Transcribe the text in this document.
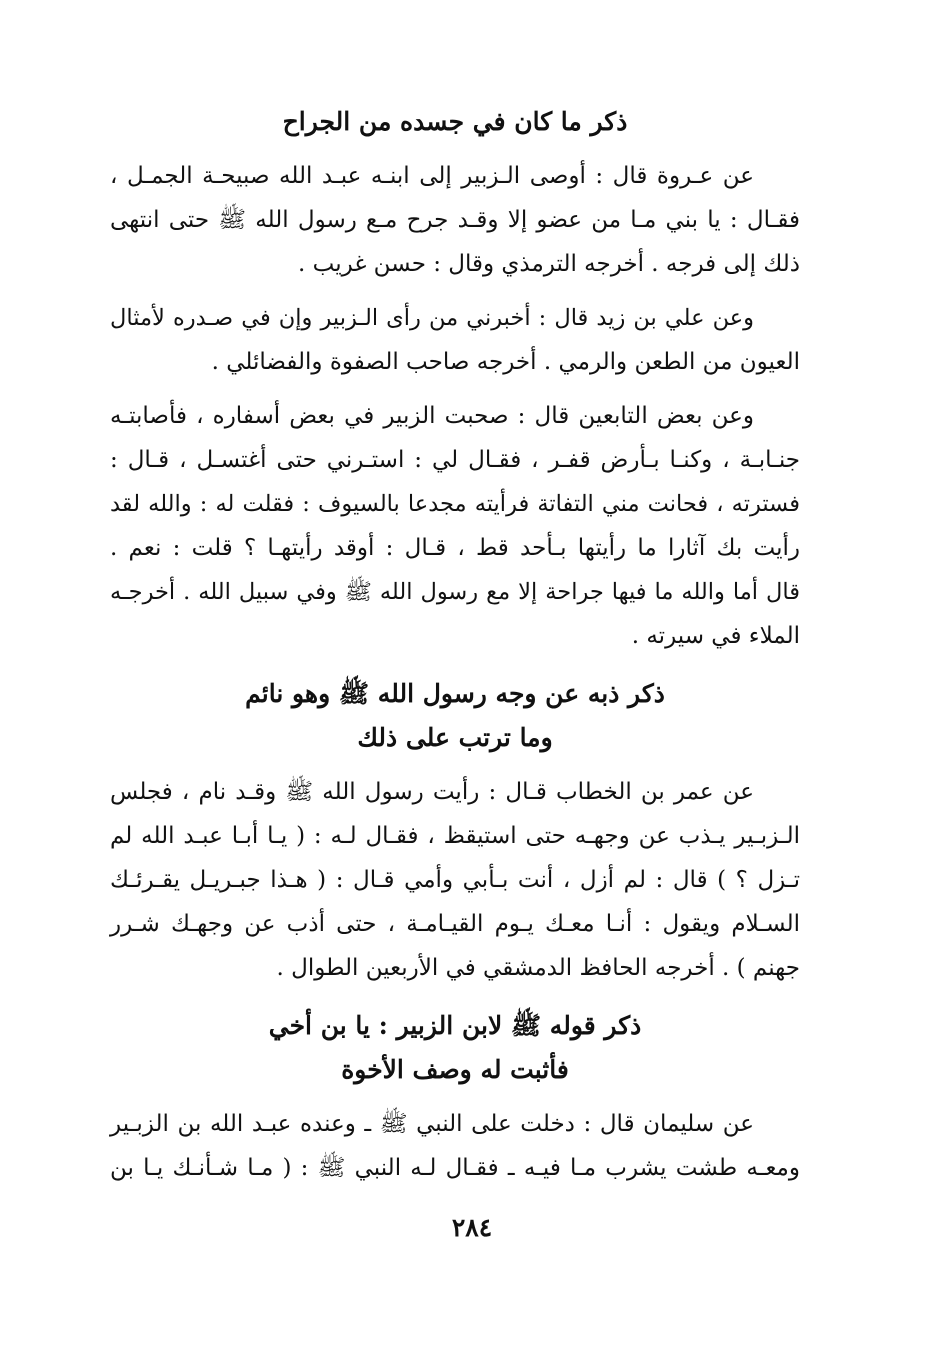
ذكر ما كان في جسده من الجراح

عن عـروة قال : أوصى الـزبير إلى ابنـه عبـد الله صبيحـة الجمـل ،
فقـال : يا بني مـا من عضو إلا وقـد جرح مـع رسول الله ﷺ حتى انتهى
ذلك إلى فرجه . أخرجه الترمذي وقال : حسن غريب .

وعن علي بن زيد قال : أخبرني من رأى الـزبير وإن في صـدره لأمثال
العيون من الطعن والرمي . أخرجه صاحب الصفوة والفضائلي .

وعن بعض التابعين قال : صحبت الزبير في بعض أسفاره ، فأصابتـه
جنـابـة ، وكنـا بـأرض قفـر ، فقـال لي : استـرني حتى أغتسـل ، قـال :
فسترته ، فحانت مني التفاتة فرأيته مجدعا بالسيوف : فقلت له : والله لقد
رأيت بك آثارا ما رأيتها بـأحد قط ، قـال : أوقد رأيتهـا ؟ قلت : نعم .
قال أما والله ما فيها جراحة إلا مع رسول الله ﷺ وفي سبيل الله . أخرجـه
الملاء في سيرته .

ذكر ذبه عن وجه رسول الله ﷺ وهو نائم
وما ترتب على ذلك

عن عمر بن الخطاب قـال : رأيت رسول الله ﷺ وقـد نام ، فجلس
الـزبـير يـذب عن وجهـه حتى استيقظ ، فقـال لـه : ( يـا أبـا عبـد الله لم
تـزل ؟ ) قال : لم أزل ، أنت بـأبي وأمي قـال : ( هـذا جبـريـل يقـرئـك
السـلام ويقول : أنـا معـك يـوم القيـامـة ، حتى أذب عن وجهـك شـرر
جهنم ) . أخرجه الحافظ الدمشقي في الأربعين الطوال .

ذكر قوله ﷺ لابن الزبير : يا بن أخي
فأثبت له وصف الأخوة

عن سليمان قال : دخلت على النبي ﷺ ـ وعنده عبـد الله بن الزبـير
ومعـه طشت يشرب مـا فيـه ـ فقـال لـه النبي ﷺ : ( مـا شـأنـك يـا بن

٢٨٤
